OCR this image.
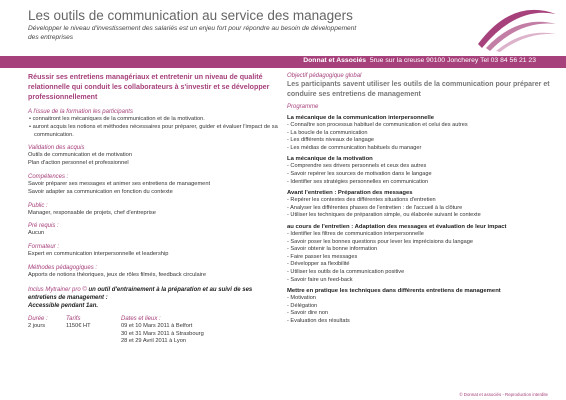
Les outils de communication au service des managers
Développer le niveau d'investissement des salariés est un enjeu fort pour répondre au besoin de développement des entreprises
Donnat et Associés 5rue sur la creuse 90100 Joncherey Tel 03 84 56 21 23
Réussir ses entretiens managériaux et entretenir un niveau de qualité relationnelle qui conduit les collaborateurs à s'investir et se développer professionnellement
A l'issue de la formation les participants
• connaitront les mécaniques de la communication et de la motivation.
• auront acquis les notions et méthodes nécessaires pour préparer, guider et évaluer l'impact de sa communication.
Validation des acquis
Outils de communication et de motivation
Plan d'action personnel et professionnel
Compétences :
Savoir préparer ses messages et animer ses entretiens de management
Savoir adapter sa communication en fonction du contexte
Public :
Manager, responsable de projets, chef d'entreprise
Pré requis :
Aucun
Formateur :
Expert en communication interpersonnelle et leadership
Méthodes pédagogiques :
Apports de notions théoriques, jeux de rôles filmés, feedback circulaire
Inclus Mytrainer pro © un outil d'entrainement à la préparation et au suivi de ses entretiens de management :
Accessible pendant 1an.
Durée :
2 jours
Tarifs
1150€ HT
Dates et lieux :
09 et 10 Mars 2011 à Belfort
30 et 31 Mars 2011 à Strasbourg
28 et 29 Avril 2011 à Lyon
Objectif pédagogique global
Les participants savent utiliser les outils de la communication pour préparer et conduire ses entretiens de management
Programme
La mécanique de la communication interpersonnelle
- Connaître son processus habituel de communication et celui des autres
- La boucle de la communication
- Les différents niveaux de langage
- Les médias de communication habituels du manager
La mécanique de la motivation
- Comprendre ses drivers personnels et ceux des autres
- Savoir repérer les sources de motivation dans le langage
- Identifier ses stratégies personnelles en communication
Avant l'entretien : Préparation des messages
- Repérer les contextes des différentes situations d'entretien
- Analyser les différentes phases de l'entretien : de l'accueil à la clôture
- Utiliser les techniques de préparation simple, ou élaborée suivant le contexte
au cours de l'entretien : Adaptation des messages et évaluation de leur impact
- Identifier les filtres de communication interpersonnelle
- Savoir poser les bonnes questions pour lever les imprécisions du langage
- Savoir obtenir la bonne information
- Faire passer les messages
- Développer sa flexibilité
- Utiliser les outils de la communication positive
- Savoir faire un feed-back
Mettre en pratique les techniques dans différents entretiens de management
- Motivation
- Délégation
- Savoir dire non
- Evaluation des résultats
© Donnat et associés - Reproduction interdite
